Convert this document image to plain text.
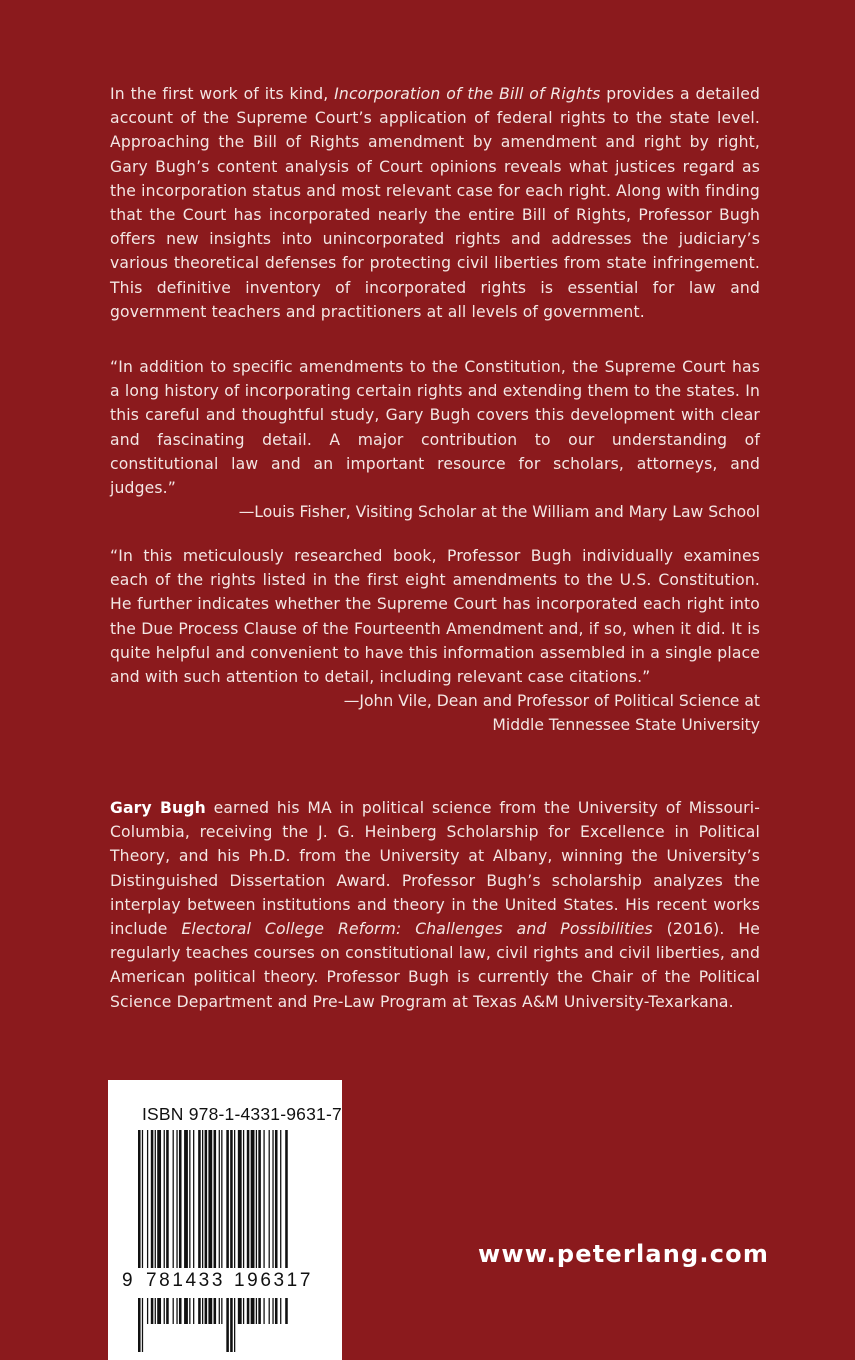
In the first work of its kind, Incorporation of the Bill of Rights provides a detailed account of the Supreme Court’s application of federal rights to the state level. Approaching the Bill of Rights amendment by amendment and right by right, Gary Bugh’s content analysis of Court opinions reveals what justices regard as the incorporation status and most relevant case for each right. Along with finding that the Court has incorporated nearly the entire Bill of Rights, Professor Bugh offers new insights into unincorporated rights and addresses the judiciary’s various theoretical defenses for protecting civil liberties from state infringement. This definitive inventory of incorporated rights is essential for law and government teachers and practitioners at all levels of government.

“In addition to specific amendments to the Constitution, the Supreme Court has a long history of incorporating certain rights and extending them to the states. In this careful and thoughtful study, Gary Bugh covers this development with clear and fascinating detail. A major contribution to our understanding of constitutional law and an important resource for scholars, attorneys, and judges.”

—Louis Fisher, Visiting Scholar at the William and Mary Law School

“In this meticulously researched book, Professor Bugh individually examines each of the rights listed in the first eight amendments to the U.S. Constitution. He further indicates whether the Supreme Court has incorporated each right into the Due Process Clause of the Fourteenth Amendment and, if so, when it did. It is quite helpful and convenient to have this information assembled in a single place and with such attention to detail, including relevant case citations.”

—John Vile, Dean and Professor of Political Science at

Middle Tennessee State University

Gary Bugh earned his MA in political science from the University of Missouri-Columbia, receiving the J. G. Heinberg Scholarship for Excellence in Political Theory, and his Ph.D. from the University at Albany, winning the University’s Distinguished Dissertation Award. Professor Bugh’s scholarship analyzes the interplay between institutions and theory in the United States. His recent works include Electoral College Reform: Challenges and Possibilities (2016). He regularly teaches courses on constitutional law, civil rights and civil liberties, and American political theory. Professor Bugh is currently the Chair of the Political Science Department and Pre-Law Program at Texas A&M University-Texarkana.

ISBN 978-1-4331-9631-7
9 781433 196317
www.peterlang.com
